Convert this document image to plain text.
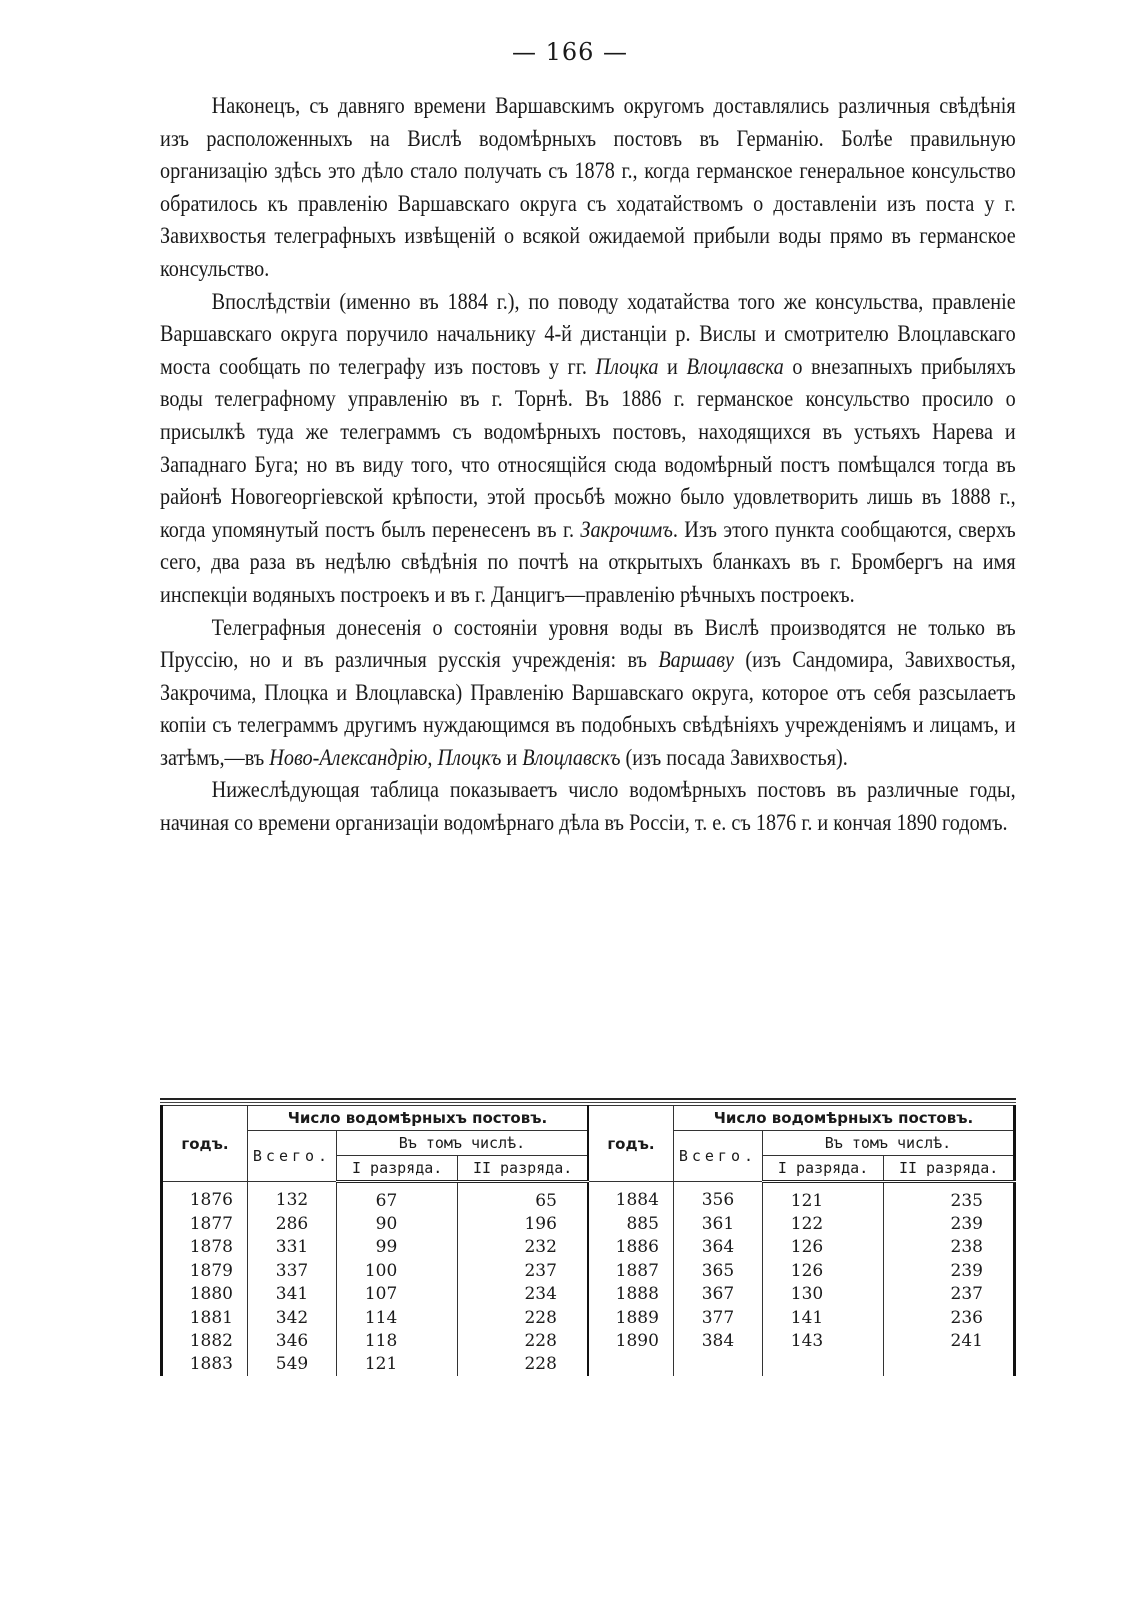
— 166 —

Наконецъ, съ давняго времени Варшавскимъ округомъ доставлялись различныя свѣдѣнія изъ расположенныхъ на Вислѣ водомѣрныхъ постовъ въ Германію. Болѣе правильную организацію здѣсь это дѣло стало получать съ 1878 г., когда германское генеральное консульство обратилось къ правленію Варшавскаго округа съ ходатайствомъ о доставленіи изъ поста у г. Завихвостья телеграфныхъ извѣщеній о всякой ожидаемой прибыли воды прямо въ германское консульство.

Впослѣдствіи (именно въ 1884 г.), по поводу ходатайства того же консульства, правленіе Варшавскаго округа поручило начальнику 4-й дистанціи р. Вислы и смотрителю Влоцлавскаго моста сообщать по телеграфу изъ постовъ у гг. Плоцка и Влоцлавска о внезапныхъ прибыляхъ воды телеграфному управленію въ г. Торнѣ. Въ 1886 г. германское консульство просило о присылкѣ туда же телеграммъ съ водомѣрныхъ постовъ, находящихся въ устьяхъ Нарева и Западнаго Буга; но въ виду того, что относящійся сюда водомѣрный постъ помѣщался тогда въ районѣ Новогеоргіевской крѣпости, этой просьбѣ можно было удовлетворить лишь въ 1888 г., когда упомянутый постъ былъ перенесенъ въ г. Закрочимъ. Изъ этого пункта сообщаются, сверхъ сего, два раза въ недѣлю свѣдѣнія по почтѣ на открытыхъ бланкахъ въ г. Бромбергъ на имя инспекціи водяныхъ построекъ и въ г. Данцигъ—правленію рѣчныхъ построекъ.

Телеграфныя донесенія о состояніи уровня воды въ Вислѣ производятся не только въ Пруссію, но и въ различныя русскія учрежденія: въ Варшаву (изъ Сандомира, Завихвостья, Закрочима, Плоцка и Влоцлавска) Правленію Варшавскаго округа, которое отъ себя разсылаетъ копіи съ телеграммъ другимъ нуждающимся въ подобныхъ свѣдѣніяхъ учрежденіямъ и лицамъ, и затѣмъ,—въ Ново-Александрію, Плоцкъ и Влоцлавскъ (изъ посада Завихвостья).

Нижеслѣдующая таблица показываетъ число водомѣрныхъ постовъ въ различные годы, начиная со времени организаціи водомѣрнаго дѣла въ Россіи, т. е. съ 1876 г. и кончая 1890 годомъ.

годъ.	Число водомѣрныхъ постовъ.			годъ.	Число водомѣрныхъ постовъ.		
	Всего.	Въ томъ числѣ.			Всего.	Въ томъ числѣ.	
		I разряда.	II разряда.			I разряда.	II разряда.
1876	132	67	65	1884	356	121	235
1877	286	90	196	885	361	122	239
1878	331	99	232	1886	364	126	238
1879	337	100	237	1887	365	126	239
1880	341	107	234	1888	367	130	237
1881	342	114	228	1889	377	141	236
1882	346	118	228	1890	384	143	241
1883	549	121	228				
